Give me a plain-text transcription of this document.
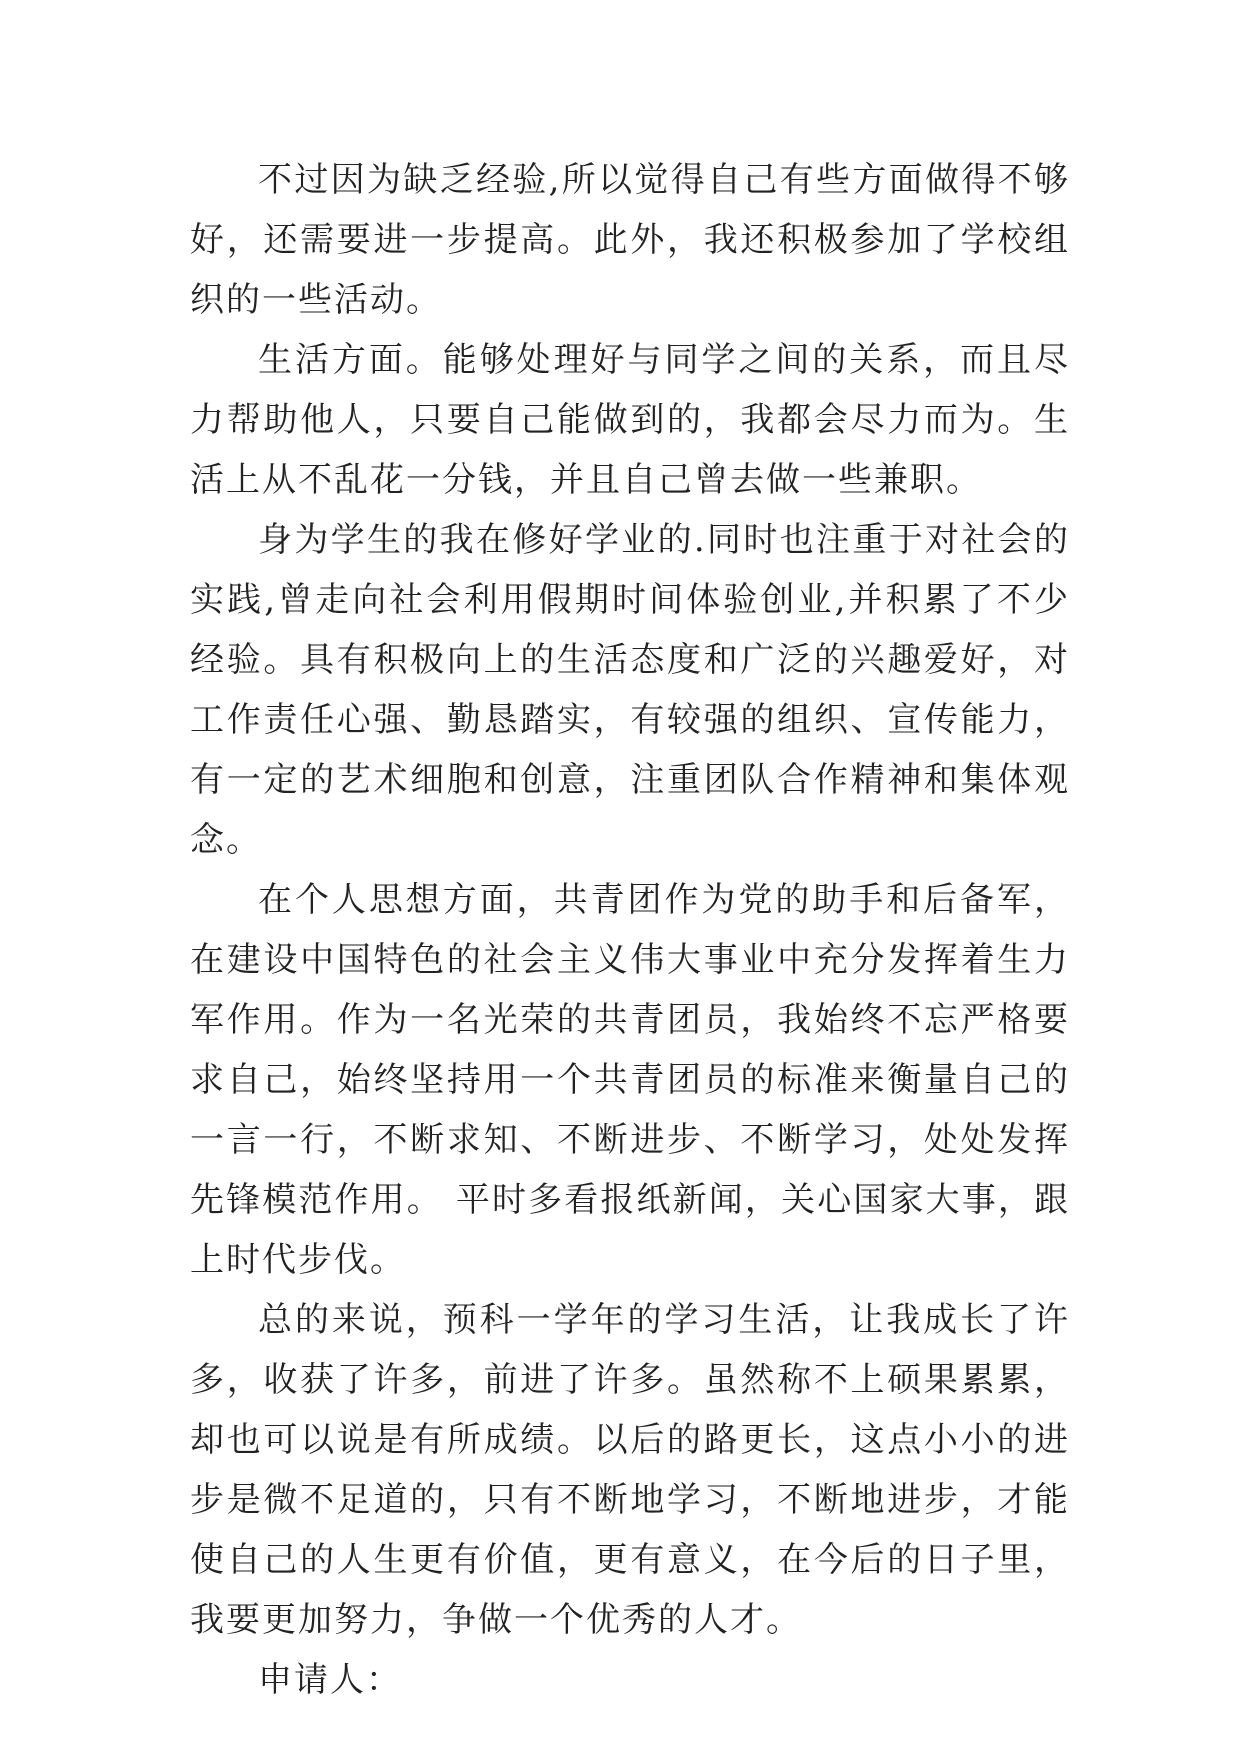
不过因为缺乏经验,所以觉得自己有些方面做得不够好，还需要进一步提高。此外，我还积极参加了学校组织的一些活动。

生活方面。能够处理好与同学之间的关系，而且尽力帮助他人，只要自己能做到的，我都会尽力而为。生活上从不乱花一分钱，并且自己曾去做一些兼职。

身为学生的我在修好学业的.同时也注重于对社会的实践,曾走向社会利用假期时间体验创业,并积累了不少经验。具有积极向上的生活态度和广泛的兴趣爱好，对工作责任心强、勤恳踏实，有较强的组织、宣传能力，有一定的艺术细胞和创意，注重团队合作精神和集体观念。

在个人思想方面，共青团作为党的助手和后备军，在建设中国特色的社会主义伟大事业中充分发挥着生力军作用。作为一名光荣的共青团员，我始终不忘严格要求自己，始终坚持用一个共青团员的标准来衡量自己的一言一行，不断求知、不断进步、不断学习，处处发挥先锋模范作用。 平时多看报纸新闻，关心国家大事，跟上时代步伐。

总的来说，预科一学年的学习生活，让我成长了许多，收获了许多，前进了许多。虽然称不上硕果累累，却也可以说是有所成绩。以后的路更长，这点小小的进步是微不足道的，只有不断地学习，不断地进步，才能使自己的人生更有价值，更有意义，在今后的日子里，我要更加努力，争做一个优秀的人才。

申请人：
